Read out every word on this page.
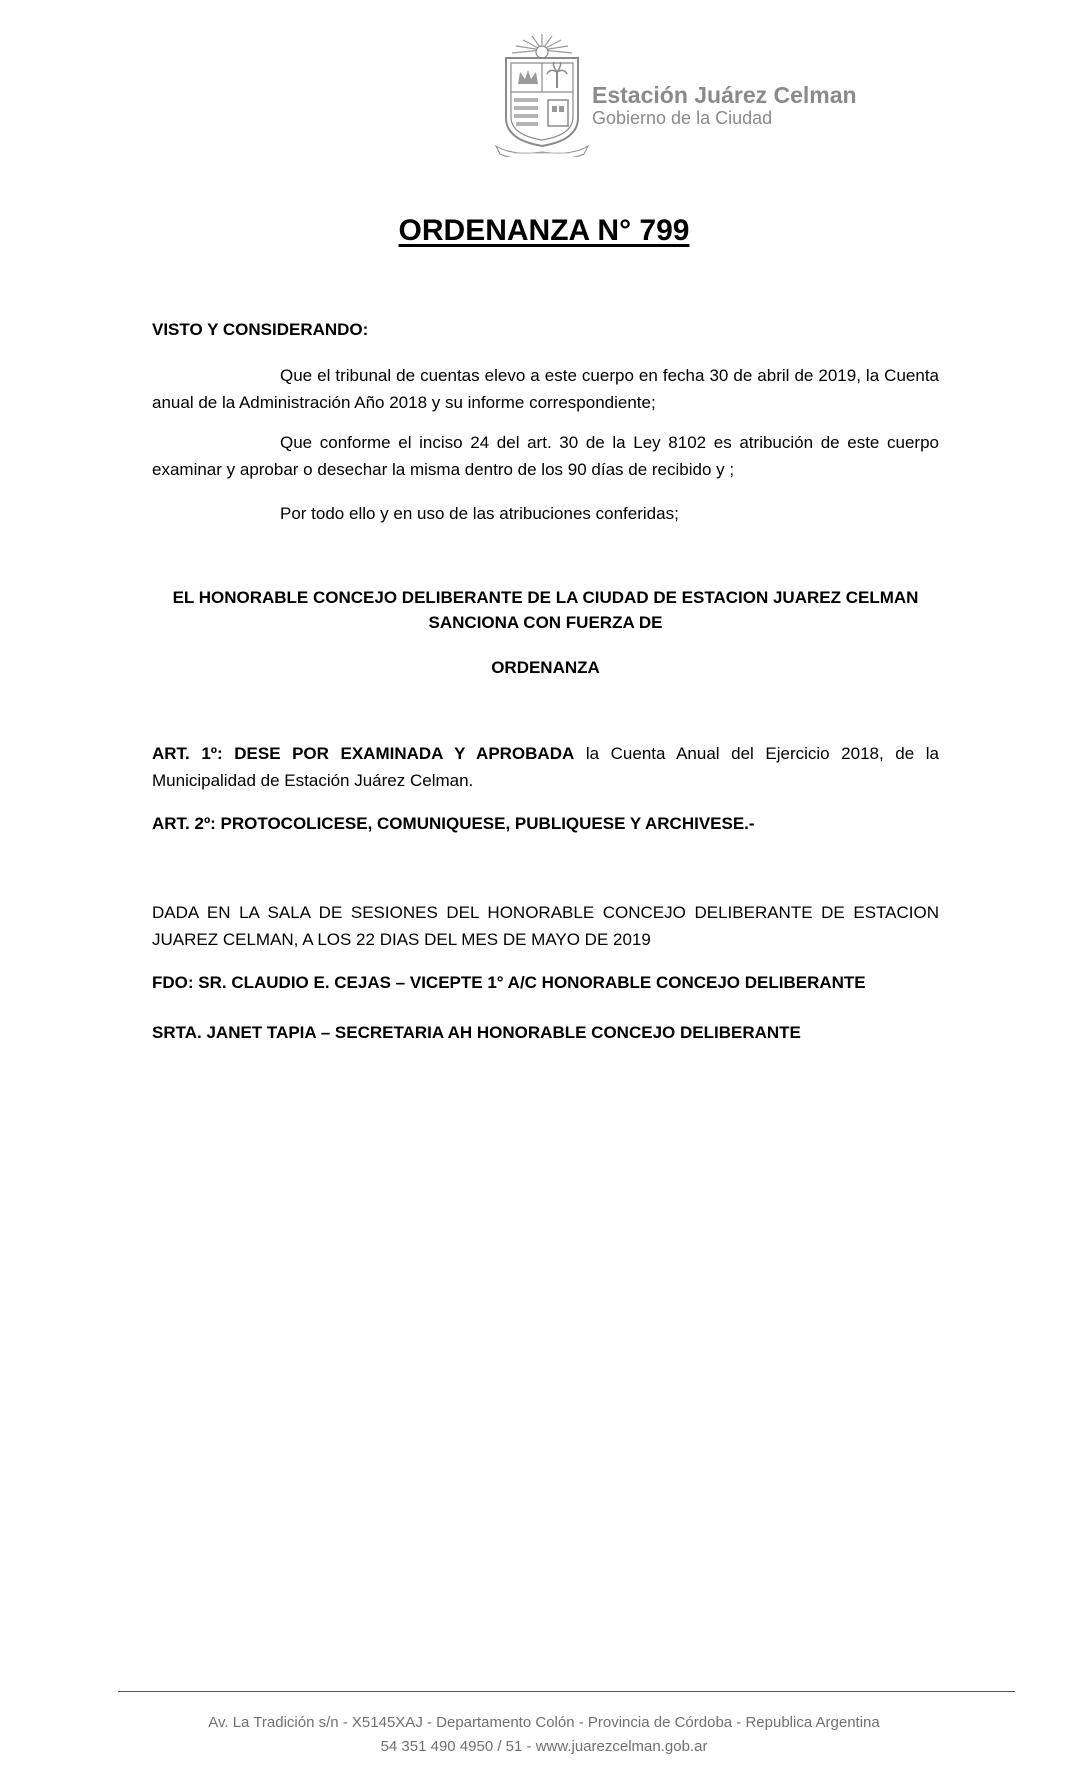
Estación Juárez Celman
Gobierno de la Ciudad
ORDENANZA N° 799
VISTO Y CONSIDERANDO:
Que el tribunal de cuentas elevo a este cuerpo en fecha 30 de abril de 2019, la Cuenta anual de la Administración Año 2018 y su informe correspondiente;
Que conforme el inciso 24 del art. 30 de la Ley 8102 es atribución de este cuerpo examinar y aprobar o desechar la misma dentro de los 90 días de recibido y ;
Por todo ello y en uso de las atribuciones conferidas;
EL HONORABLE CONCEJO DELIBERANTE DE LA CIUDAD DE ESTACION JUAREZ CELMAN
SANCIONA CON FUERZA DE
ORDENANZA
ART. 1º: DESE POR EXAMINADA Y APROBADA la Cuenta Anual del Ejercicio 2018, de la Municipalidad de Estación Juárez Celman.
ART. 2º: PROTOCOLICESE, COMUNIQUESE, PUBLIQUESE Y ARCHIVESE.-
DADA EN LA SALA DE SESIONES DEL HONORABLE CONCEJO DELIBERANTE DE ESTACION JUAREZ CELMAN, A LOS 22 DIAS DEL MES DE MAYO DE 2019
FDO: SR. CLAUDIO E. CEJAS – VICEPTE 1° A/C HONORABLE CONCEJO DELIBERANTE
SRTA. JANET TAPIA – SECRETARIA AH HONORABLE CONCEJO DELIBERANTE
Av. La Tradición s/n - X5145XAJ - Departamento Colón - Provincia de Córdoba - Republica Argentina
54 351 490 4950 / 51 - www.juarezcelman.gob.ar
